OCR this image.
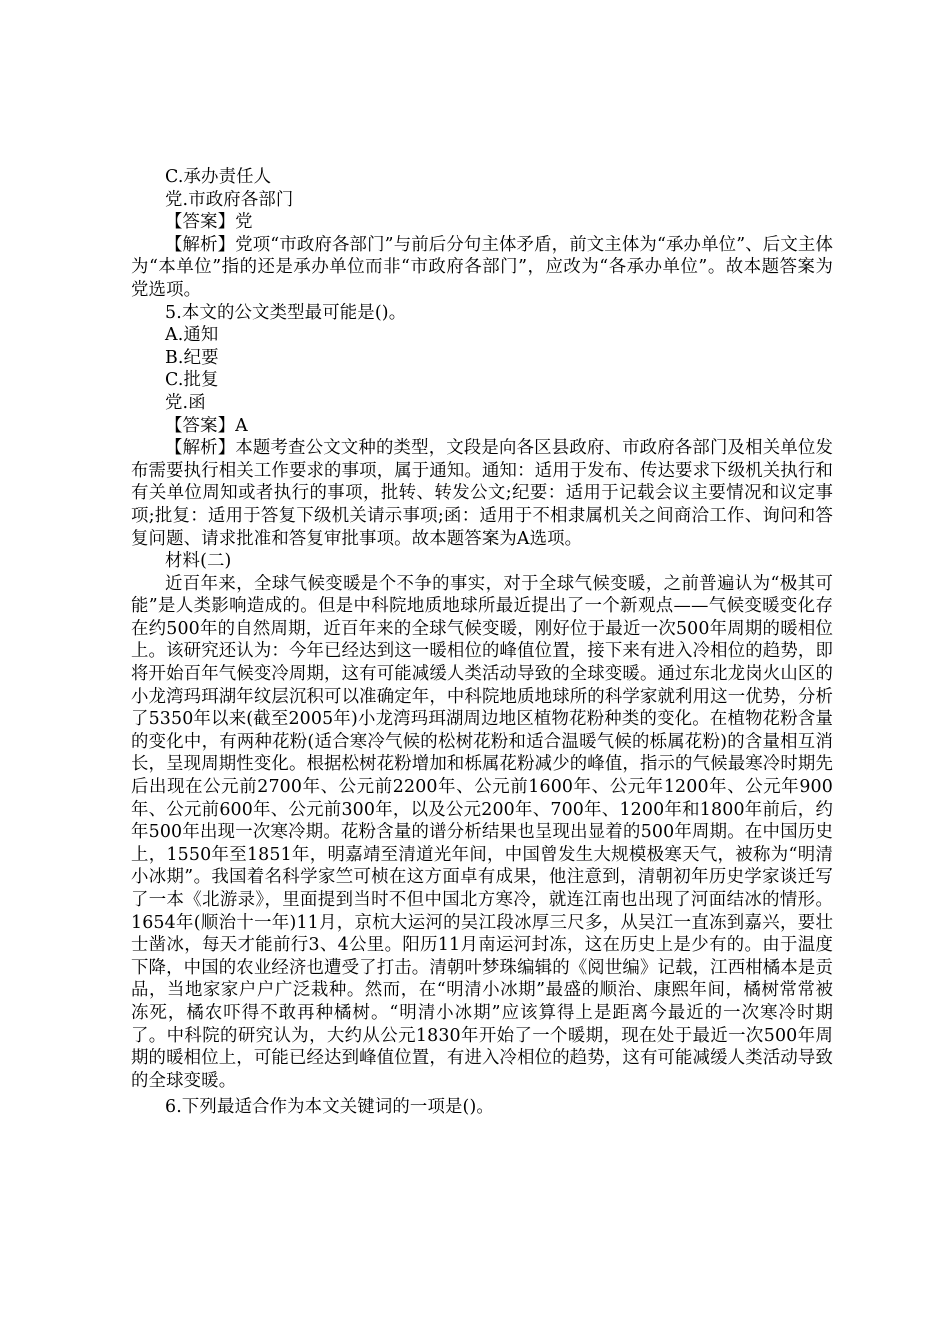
C.承办责任人

党.市政府各部门

【答案】党

【解析】党项“市政府各部门”与前后分句主体矛盾，前文主体为“承办单位”、后文主体为“本单位”指的还是承办单位而非“市政府各部门”，应改为“各承办单位”。故本题答案为党选项。

5.本文的公文类型最可能是()。

A.通知

B.纪要

C.批复

党.函

【答案】A

【解析】本题考查公文文种的类型，文段是向各区县政府、市政府各部门及相关单位发布需要执行相关工作要求的事项，属于通知。通知：适用于发布、传达要求下级机关执行和有关单位周知或者执行的事项，批转、转发公文;纪要：适用于记载会议主要情况和议定事项;批复：适用于答复下级机关请示事项;函：适用于不相隶属机关之间商洽工作、询问和答复问题、请求批准和答复审批事项。故本题答案为A选项。

材料(二)

近百年来，全球气候变暖是个不争的事实，对于全球气候变暖，之前普遍认为“极其可能”是人类影响造成的。但是中科院地质地球所最近提出了一个新观点——气候变暖变化存在约500年的自然周期，近百年来的全球气候变暖，刚好位于最近一次500年周期的暖相位上。该研究还认为：今年已经达到这一暖相位的峰值位置，接下来有进入冷相位的趋势，即将开始百年气候变冷周期，这有可能减缓人类活动导致的全球变暖。通过东北龙岗火山区的小龙湾玛珥湖年纹层沉积可以准确定年，中科院地质地球所的科学家就利用这一优势，分析了5350年以来(截至2005年)小龙湾玛珥湖周边地区植物花粉种类的变化。在植物花粉含量的变化中，有两种花粉(适合寒冷气候的松树花粉和适合温暖气候的栎属花粉)的含量相互消长，呈现周期性变化。根据松树花粉增加和栎属花粉减少的峰值，指示的气候最寒冷时期先后出现在公元前2700年、公元前2200年、公元前1600年、公元年1200年、公元年900年、公元前600年、公元前300年，以及公元200年、700年、1200年和1800年前后，约年500年出现一次寒冷期。花粉含量的谱分析结果也呈现出显着的500年周期。在中国历史上，1550年至1851年，明嘉靖至清道光年间，中国曾发生大规模极寒天气，被称为“明清小冰期”。我国着名科学家竺可桢在这方面卓有成果，他注意到，清朝初年历史学家谈迁写了一本《北游录》，里面提到当时不但中国北方寒冷，就连江南也出现了河面结冰的情形。1654年(顺治十一年)11月，京杭大运河的吴江段冰厚三尺多，从吴江一直冻到嘉兴，要壮士凿冰，每天才能前行3、4公里。阳历11月南运河封冻，这在历史上是少有的。由于温度下降，中国的农业经济也遭受了打击。清朝叶梦珠编辑的《阅世编》记载，江西柑橘本是贡品，当地家家户户广泛栽种。然而，在“明清小冰期”最盛的顺治、康熙年间，橘树常常被冻死，橘农吓得不敢再种橘树。“明清小冰期”应该算得上是距离今最近的一次寒冷时期了。中科院的研究认为，大约从公元1830年开始了一个暖期，现在处于最近一次500年周期的暖相位上，可能已经达到峰值位置，有进入冷相位的趋势，这有可能减缓人类活动导致的全球变暖。

6.下列最适合作为本文关键词的一项是()。
